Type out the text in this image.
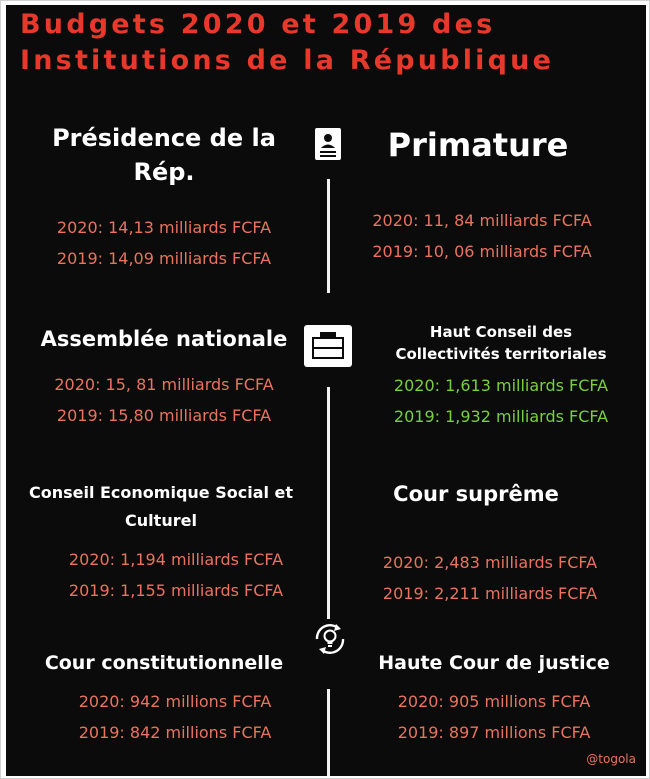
Budgets 2020 et 2019 des
Institutions de la République
Présidence de la
Rép.
2020: 14,13 milliards FCFA
2019: 14,09 milliards FCFA
Primature
2020: 11, 84 milliards FCFA
2019: 10, 06 milliards FCFA
Assemblée nationale
2020: 15, 81 milliards FCFA
2019: 15,80 milliards FCFA
Haut Conseil des
Collectivités territoriales
2020: 1,613 milliards FCFA
2019: 1,932 milliards FCFA
Conseil Economique Social et
Culturel
2020: 1,194 milliards FCFA
2019: 1,155 milliards FCFA
Cour suprême
2020: 2,483 milliards FCFA
2019: 2,211 milliards FCFA
Cour constitutionnelle
2020: 942 millions FCFA
2019: 842 millions FCFA
Haute Cour de justice
2020: 905 millions FCFA
2019: 897 millions FCFA
@togola
